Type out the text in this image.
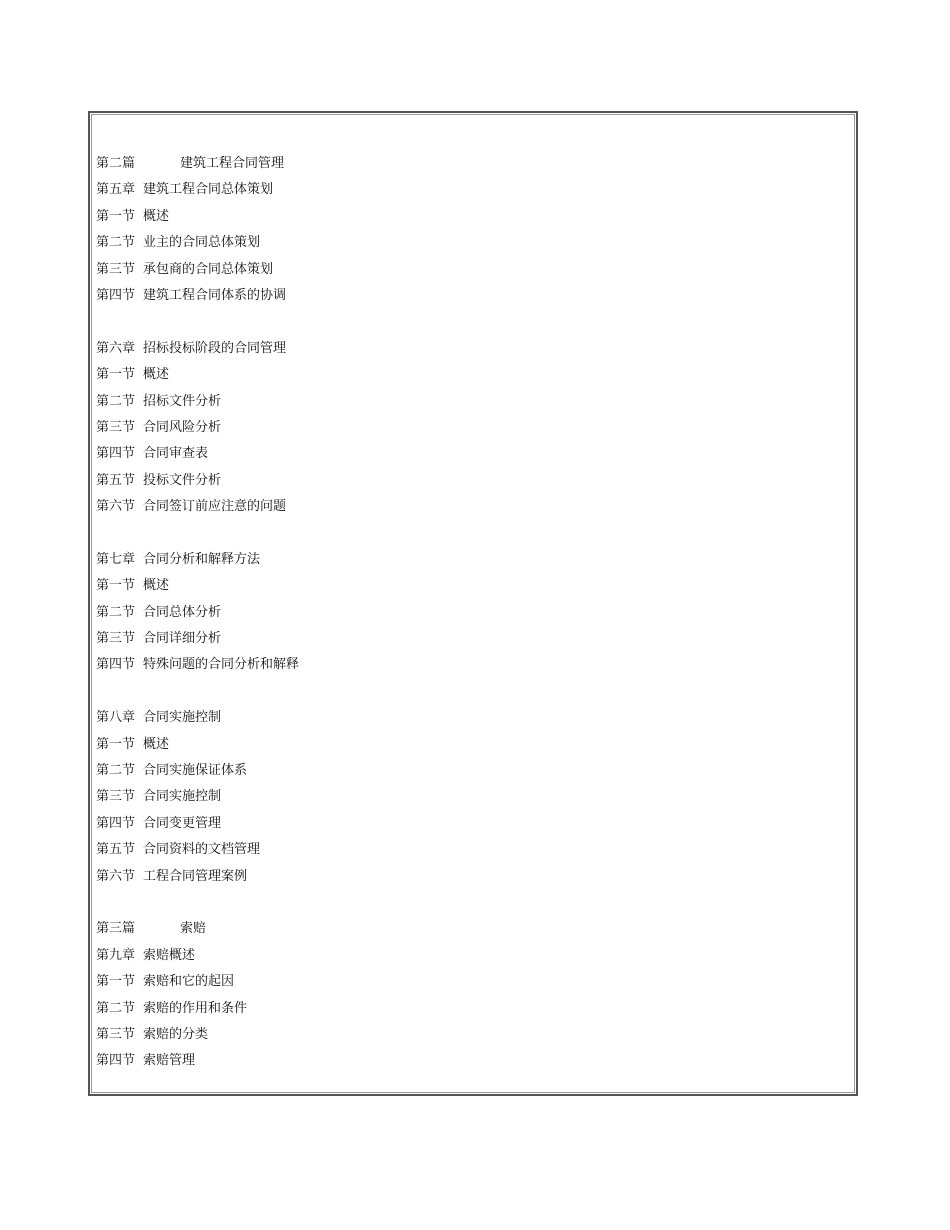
第二篇	建筑工程合同管理
第五章 建筑工程合同总体策划
第一节 概述
第二节 业主的合同总体策划
第三节 承包商的合同总体策划
第四节 建筑工程合同体系的协调
第六章 招标投标阶段的合同管理
第一节 概述
第二节 招标文件分析
第三节 合同风险分析
第四节 合同审查表
第五节 投标文件分析
第六节 合同签订前应注意的问题
第七章 合同分析和解释方法
第一节 概述
第二节 合同总体分析
第三节 合同详细分析
第四节 特殊问题的合同分析和解释
第八章 合同实施控制
第一节 概述
第二节 合同实施保证体系
第三节 合同实施控制
第四节 合同变更管理
第五节 合同资料的文档管理
第六节 工程合同管理案例
第三篇	索赔
第九章 索赔概述
第一节 索赔和它的起因
第二节 索赔的作用和条件
第三节 索赔的分类
第四节 索赔管理
